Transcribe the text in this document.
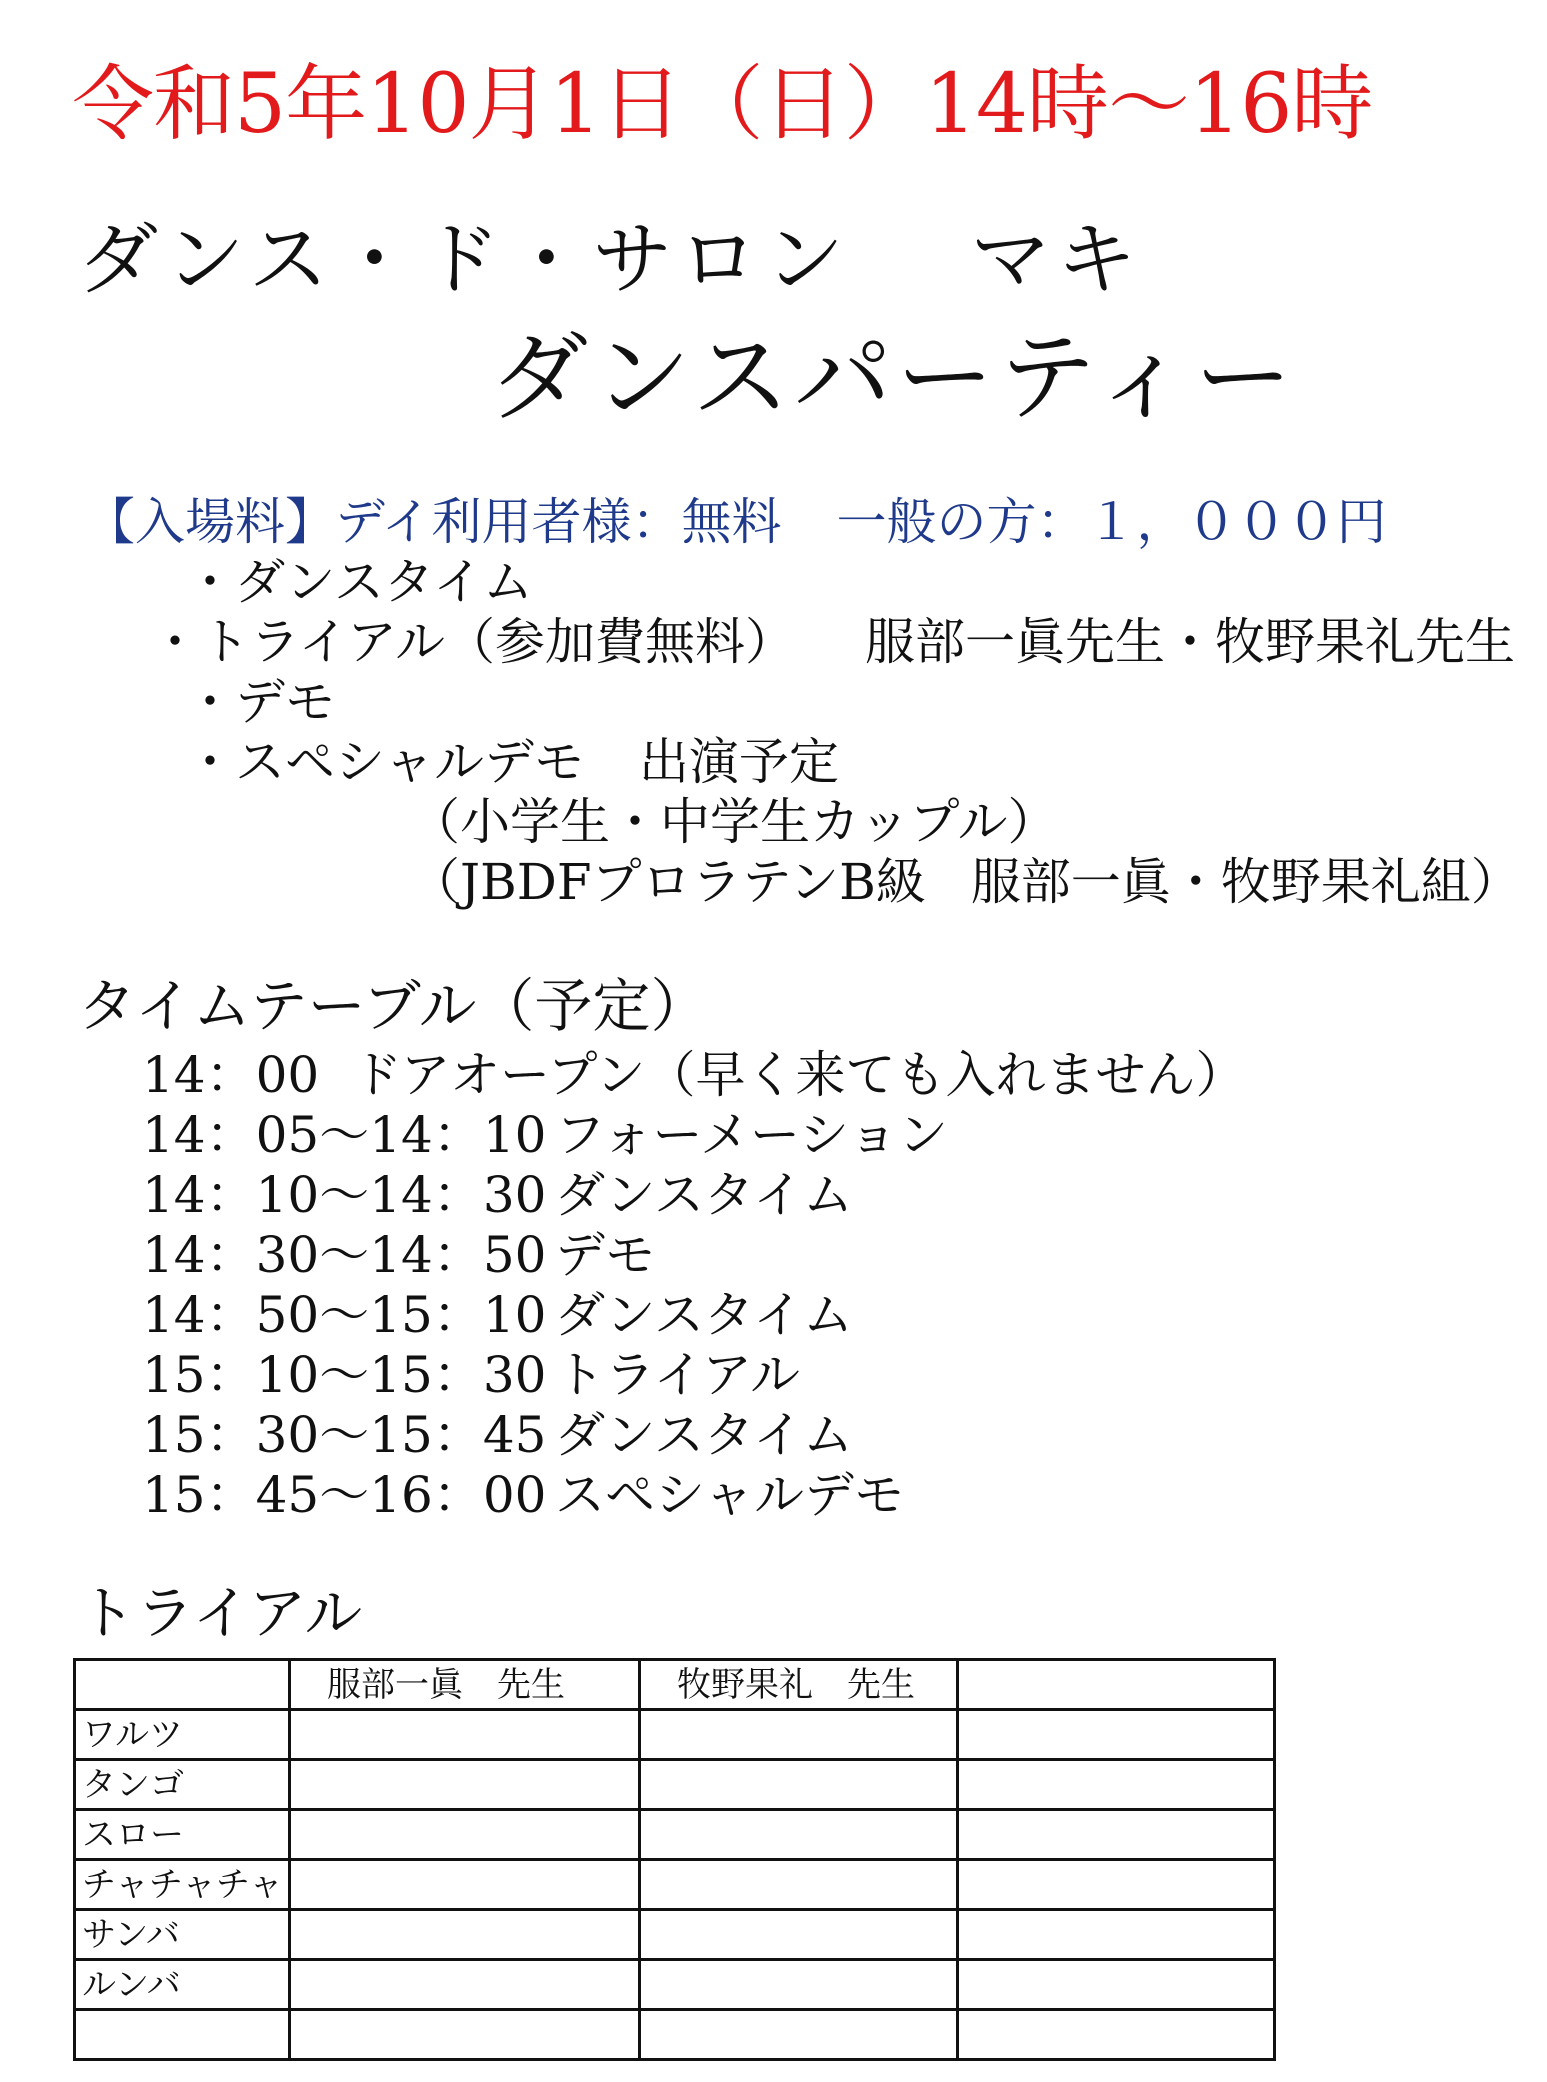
令和5年10月1日（日）14時〜16時
ダンス・ド・サロン マキ
ダンスパーティー
【入場料】デイ利用者様：無料 一般の方：１，０００円
・ダンスタイム
・トライアル（参加費無料） 服部一眞先生・牧野果礼先生
・デモ
・スペシャルデモ 出演予定
（小学生・中学生カップル）
（JBDFプロラテンB級 服部一眞・牧野果礼組）
タイムテーブル（予定）
14：00 ドアオープン（早く来ても入れません）
14：05〜14：10 フォーメーション
14：10〜14：30 ダンスタイム
14：30〜14：50 デモ
14：50〜15：10 ダンスタイム
15：10〜15：30 トライアル
15：30〜15：45 ダンスタイム
15：45〜16：00 スペシャルデモ
トライアル
	服部一眞　先生	牧野果礼　先生	
ワルツ			
タンゴ			
スロー			
チャチャチャ			
サンバ			
ルンバ			
